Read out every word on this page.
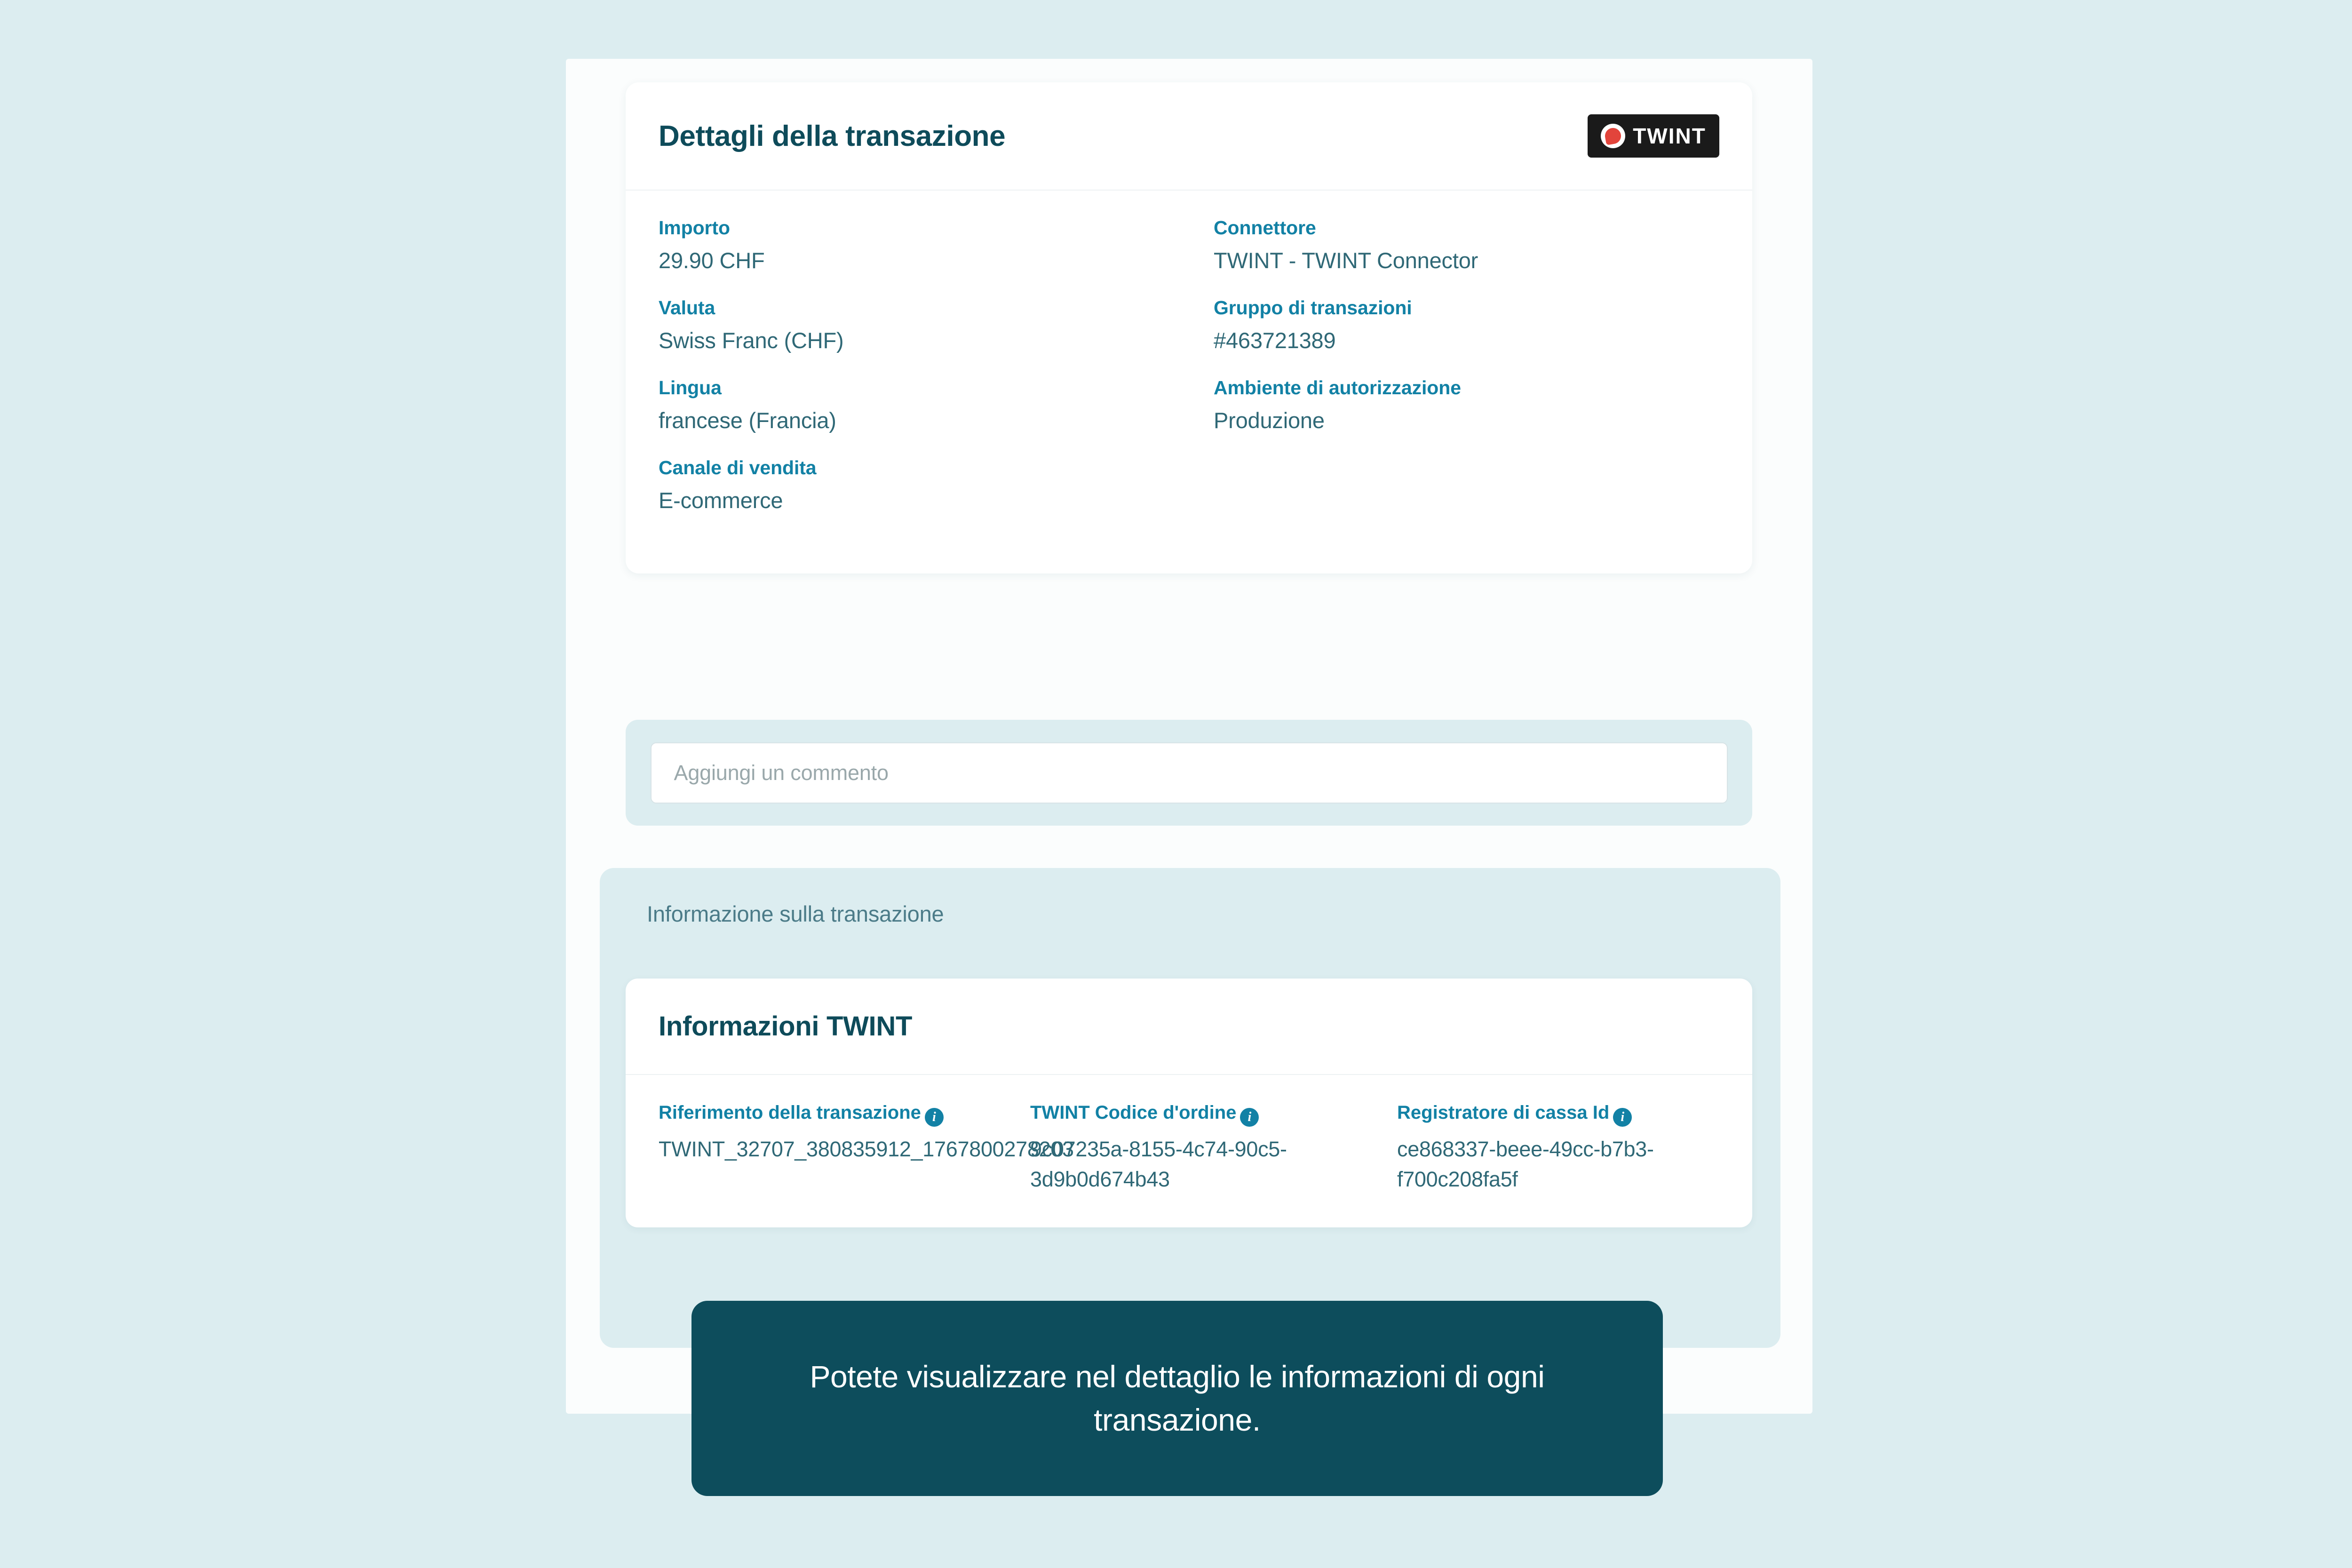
Dettagli della transazione	TWINT
Importo
29.90 CHF
Valuta
Swiss Franc (CHF)
Lingua
francese (Francia)
Canale di vendita
E-commerce
Connettore
TWINT - TWINT Connector
Gruppo di transazioni
#463721389
Ambiente di autorizzazione
Produzione
Aggiungi un commento
Informazione sulla transazione
Informazioni TWINT
Riferimento della transazione i
TWINT_32707_380835912_1767800278203
TWINT Codice d'ordine i
9c07235a-8155-4c74-90c5-3d9b0d674b43
Registratore di cassa Id i
ce868337-beee-49cc-b7b3-f700c208fa5f
Potete visualizzare nel dettaglio le informazioni di ogni transazione.
